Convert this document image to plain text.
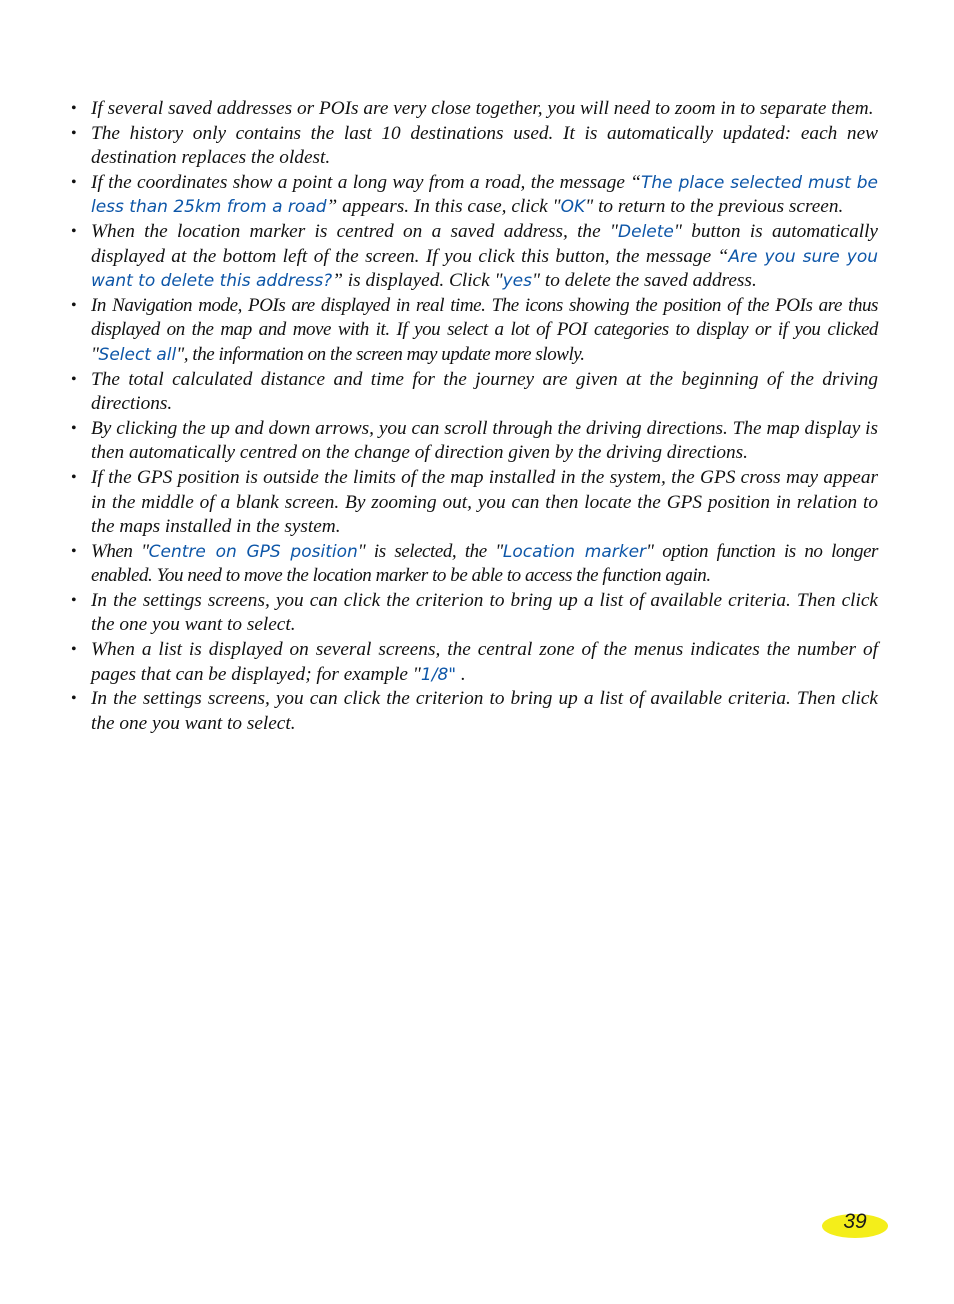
• If several saved addresses or POIs are very close together, you will need to zoom in to separate them.
• The history only contains the last 10 destinations used. It is automatically updated: each new destination replaces the oldest.
• If the coordinates show a point a long way from a road, the message “The place selected must be less than 25km from a road” appears. In this case, click "OK" to return to the previous screen.
• When the location marker is centred on a saved address, the "Delete" button is automatically displayed at the bottom left of the screen. If you click this button, the message “Are you sure you want to delete this address?” is displayed. Click "yes" to delete the saved address.
• In Navigation mode, POIs are displayed in real time. The icons showing the position of the POIs are thus displayed on the map and move with it. If you select a lot of POI categories to display or if you clicked "Select all", the information on the screen may update more slowly.
• The total calculated distance and time for the journey are given at the beginning of the driving directions.
• By clicking the up and down arrows, you can scroll through the driving directions. The map display is then automatically centred on the change of direction given by the driving directions.
• If the GPS position is outside the limits of the map installed in the system, the GPS cross may appear in the middle of a blank screen. By zooming out, you can then locate the GPS position in relation to the maps installed in the system.
• When "Centre on GPS position" is selected, the "Location marker" option function is no longer enabled. You need to move the location marker to be able to access the function again.
• In the settings screens, you can click the criterion to bring up a list of available criteria. Then click the one you want to select.
• When a list is displayed on several screens, the central zone of the menus indicates the number of pages that can be displayed; for example "1/8" .
• In the settings screens, you can click the criterion to bring up a list of available criteria. Then click the one you want to select.
39
